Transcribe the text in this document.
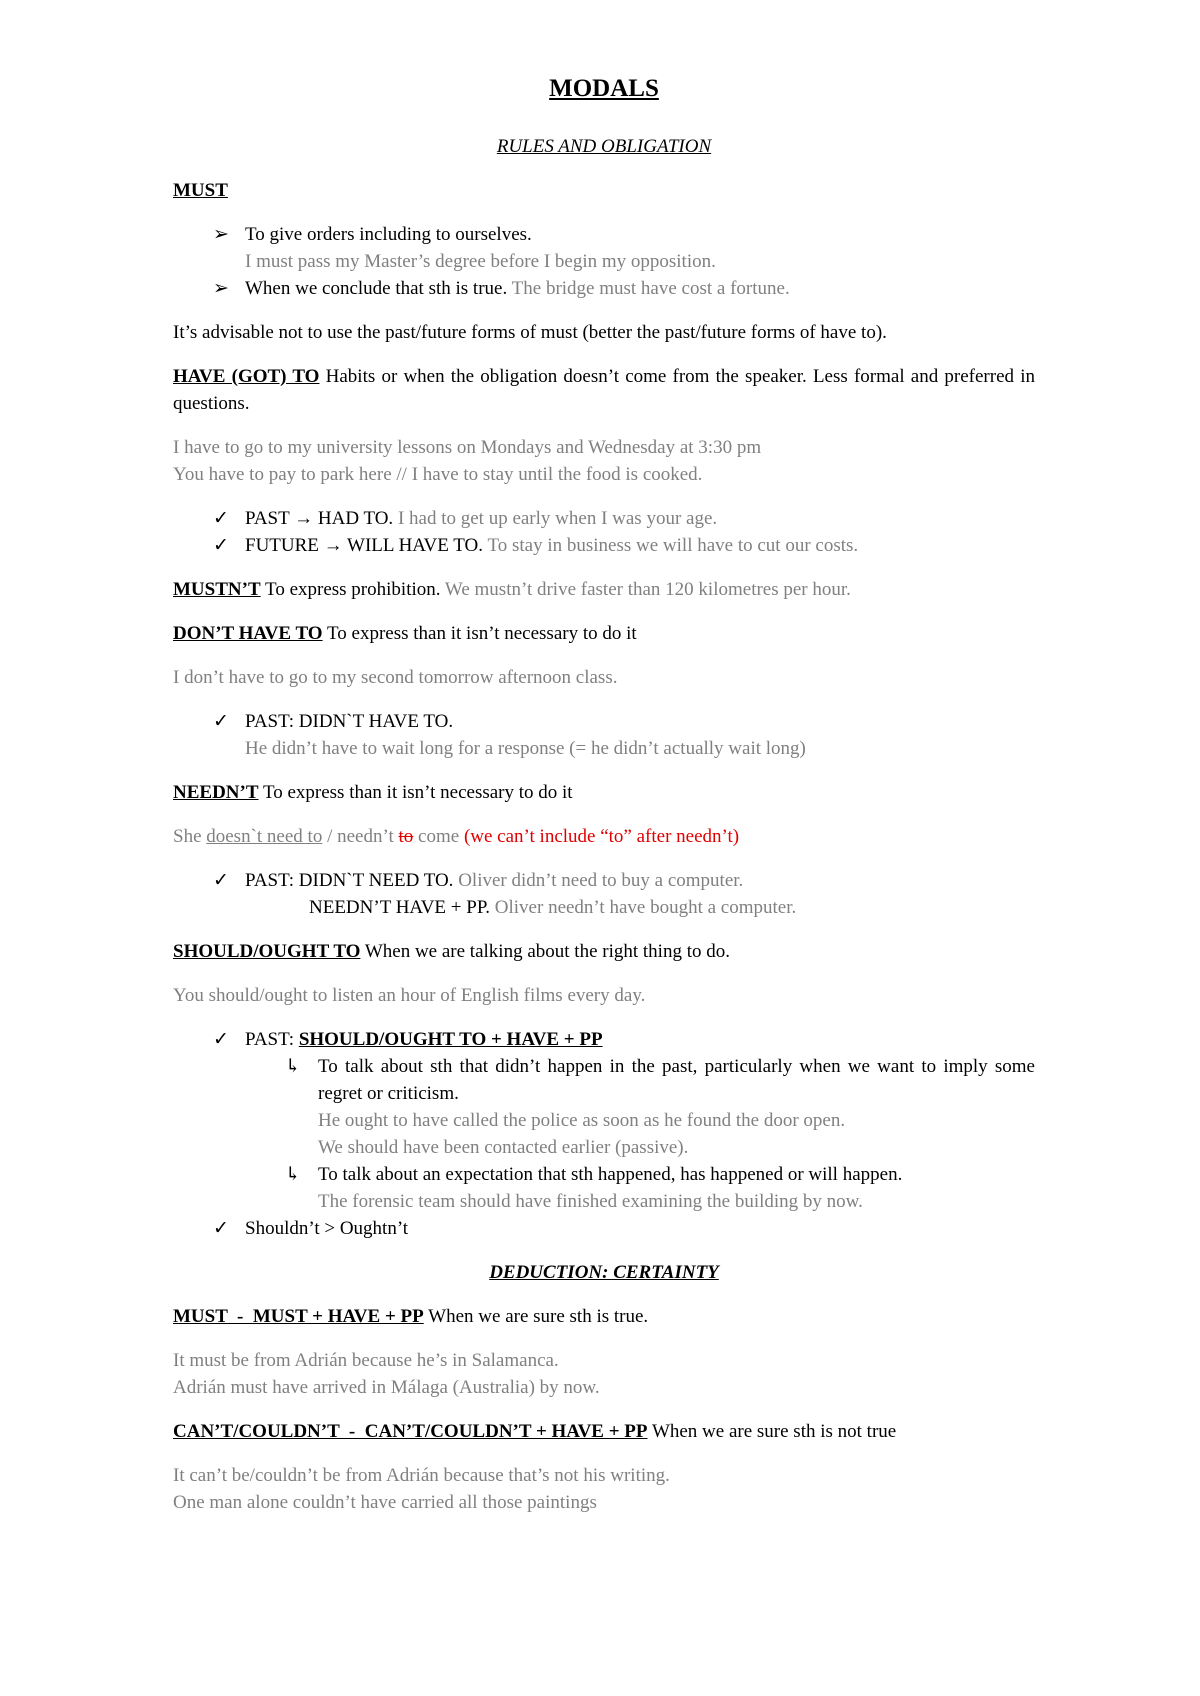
MODALS
RULES AND OBLIGATION

MUST

➢ To give orders including to ourselves.
I must pass my Master’s degree before I begin my opposition.
➢ When we conclude that sth is true. The bridge must have cost a fortune.

It’s advisable not to use the past/future forms of must (better the past/future forms of have to).

HAVE (GOT) TO Habits or when the obligation doesn’t come from the speaker. Less formal and preferred in questions.

I have to go to my university lessons on Mondays and Wednesday at 3:30 pm
You have to pay to park here // I have to stay until the food is cooked.

✓ PAST → HAD TO. I had to get up early when I was your age.
✓ FUTURE → WILL HAVE TO. To stay in business we will have to cut our costs.

MUSTN’T To express prohibition. We mustn’t drive faster than 120 kilometres per hour.

DON’T HAVE TO To express than it isn’t necessary to do it

I don’t have to go to my second tomorrow afternoon class.

✓ PAST: DIDN`T HAVE TO.
He didn’t have to wait long for a response (= he didn’t actually wait long)

NEEDN’T To express than it isn’t necessary to do it

She doesn`t need to / needn’t to come (we can’t include “to” after needn’t)

✓ PAST: DIDN`T NEED TO. Oliver didn’t need to buy a computer.
NEEDN’T HAVE + PP. Oliver needn’t have bought a computer.

SHOULD/OUGHT TO When we are talking about the right thing to do.

You should/ought to listen an hour of English films every day.

✓ PAST: SHOULD/OUGHT TO + HAVE + PP
↳ To talk about sth that didn’t happen in the past, particularly when we want to imply some regret or criticism.
He ought to have called the police as soon as he found the door open.
We should have been contacted earlier (passive).
↳ To talk about an expectation that sth happened, has happened or will happen.
The forensic team should have finished examining the building by now.
✓ Shouldn’t > Oughtn’t
DEDUCTION: CERTAINTY

MUST  -  MUST + HAVE + PP When we are sure sth is true.

It must be from Adrián because he’s in Salamanca.
Adrián must have arrived in Málaga (Australia) by now.

CAN’T/COULDN’T  -  CAN’T/COULDN’T + HAVE + PP When we are sure sth is not true

It can’t be/couldn’t be from Adrián because that’s not his writing.
One man alone couldn’t have carried all those paintings
